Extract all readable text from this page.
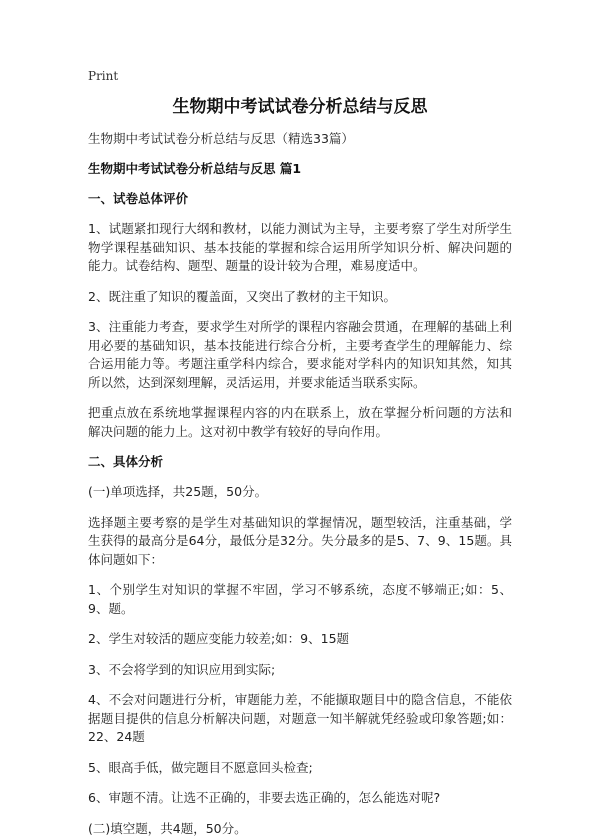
Print
生物期中考试试卷分析总结与反思
生物期中考试试卷分析总结与反思（精选33篇）
生物期中考试试卷分析总结与反思 篇1
一、试卷总体评价
1、试题紧扣现行大纲和教材，以能力测试为主导，主要考察了学生对所学生物学课程基础知识、基本技能的掌握和综合运用所学知识分析、解决问题的能力。试卷结构、题型、题量的设计较为合理，难易度适中。
2、既注重了知识的覆盖面，又突出了教材的主干知识。
3、注重能力考查，要求学生对所学的课程内容融会贯通，在理解的基础上利用必要的基础知识，基本技能进行综合分析，主要考查学生的理解能力、综合运用能力等。考题注重学科内综合，要求能对学科内的知识知其然，知其所以然，达到深刻理解，灵活运用，并要求能适当联系实际。
把重点放在系统地掌握课程内容的内在联系上，放在掌握分析问题的方法和解决问题的能力上。这对初中教学有较好的导向作用。
二、具体分析
(一)单项选择，共25题，50分。
选择题主要考察的是学生对基础知识的掌握情况，题型较活，注重基础，学生获得的最高分是64分，最低分是32分。失分最多的是5、7、9、15题。具体问题如下：
1、个别学生对知识的掌握不牢固，学习不够系统，态度不够端正;如：5、9、题。
2、学生对较活的题应变能力较差;如：9、15题
3、不会将学到的知识应用到实际;
4、不会对问题进行分析，审题能力差，不能撷取题目中的隐含信息，不能依据题目提供的信息分析解决问题，对题意一知半解就凭经验或印象答题;如：22、24题
5、眼高手低，做完题目不愿意回头检查;
6、审题不清。让选不正确的，非要去选正确的，怎么能选对呢?
(二)填空题，共4题，50分。
